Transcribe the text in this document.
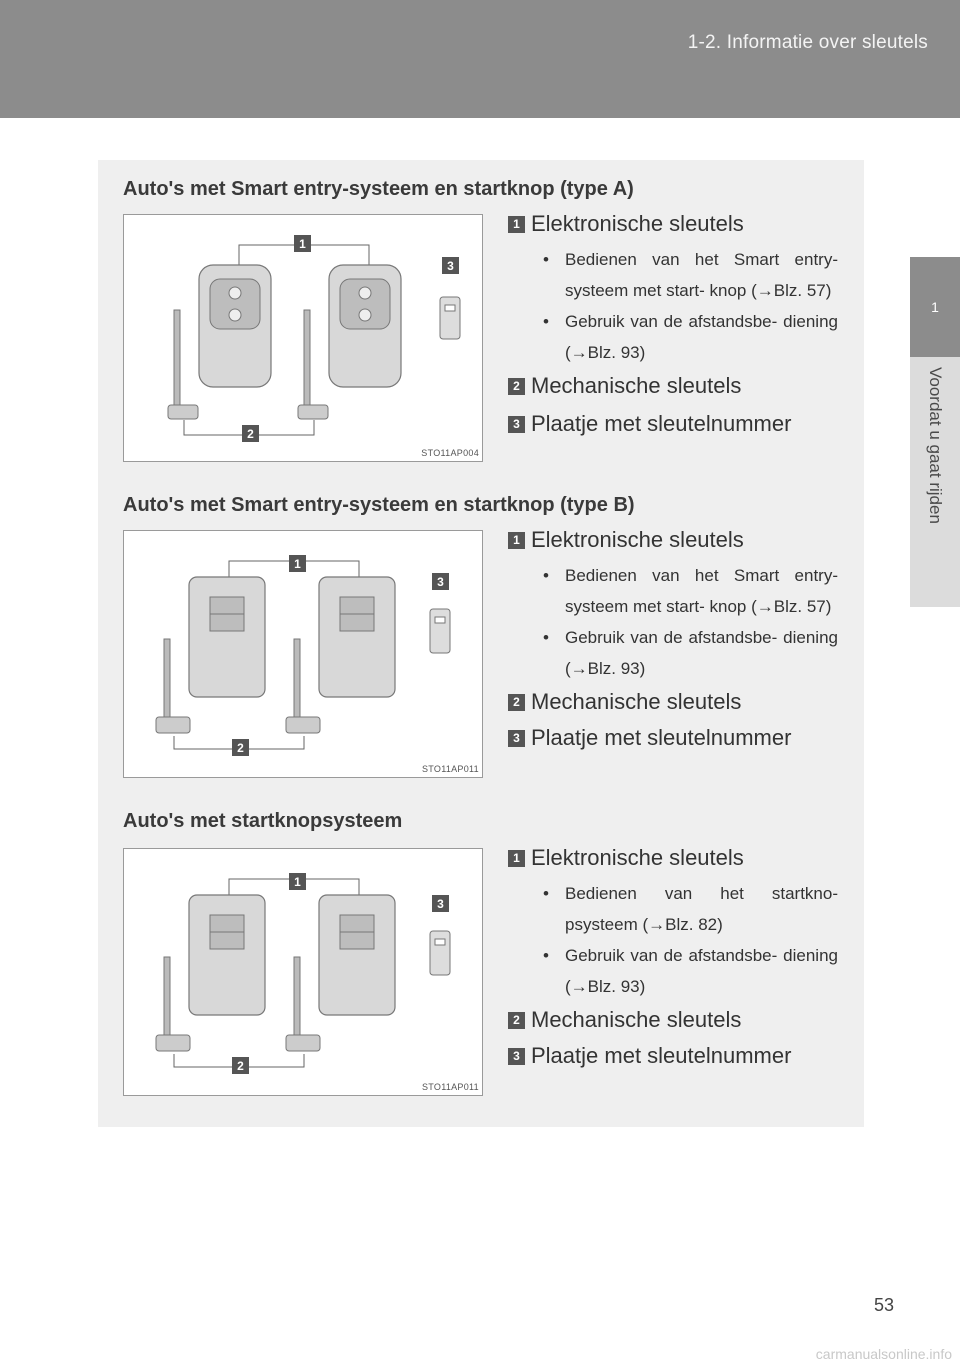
1-2. Informatie over sleutels
1
Voordat u gaat rijden
Auto's met Smart entry-systeem en startknop (type A)
1
3
2
STO11AP004
1 Elektronische sleutels
• Bedienen van het Smart entry-systeem met start- knop (→Blz. 57)
• Gebruik van de afstandsbe- diening (→Blz. 93)
2 Mechanische sleutels
3 Plaatje met sleutelnummer
Auto's met Smart entry-systeem en startknop (type B)
1
3
2
STO11AP011
1 Elektronische sleutels
• Bedienen van het Smart entry-systeem met start- knop (→Blz. 57)
• Gebruik van de afstandsbe- diening (→Blz. 93)
2 Mechanische sleutels
3 Plaatje met sleutelnummer
Auto's met startknopsysteem
1
3
2
STO11AP011
1 Elektronische sleutels
• Bedienen van het startkno- psysteem (→Blz. 82)
• Gebruik van de afstandsbe- diening (→Blz. 93)
2 Mechanische sleutels
3 Plaatje met sleutelnummer
53
carmanualsonline.info
